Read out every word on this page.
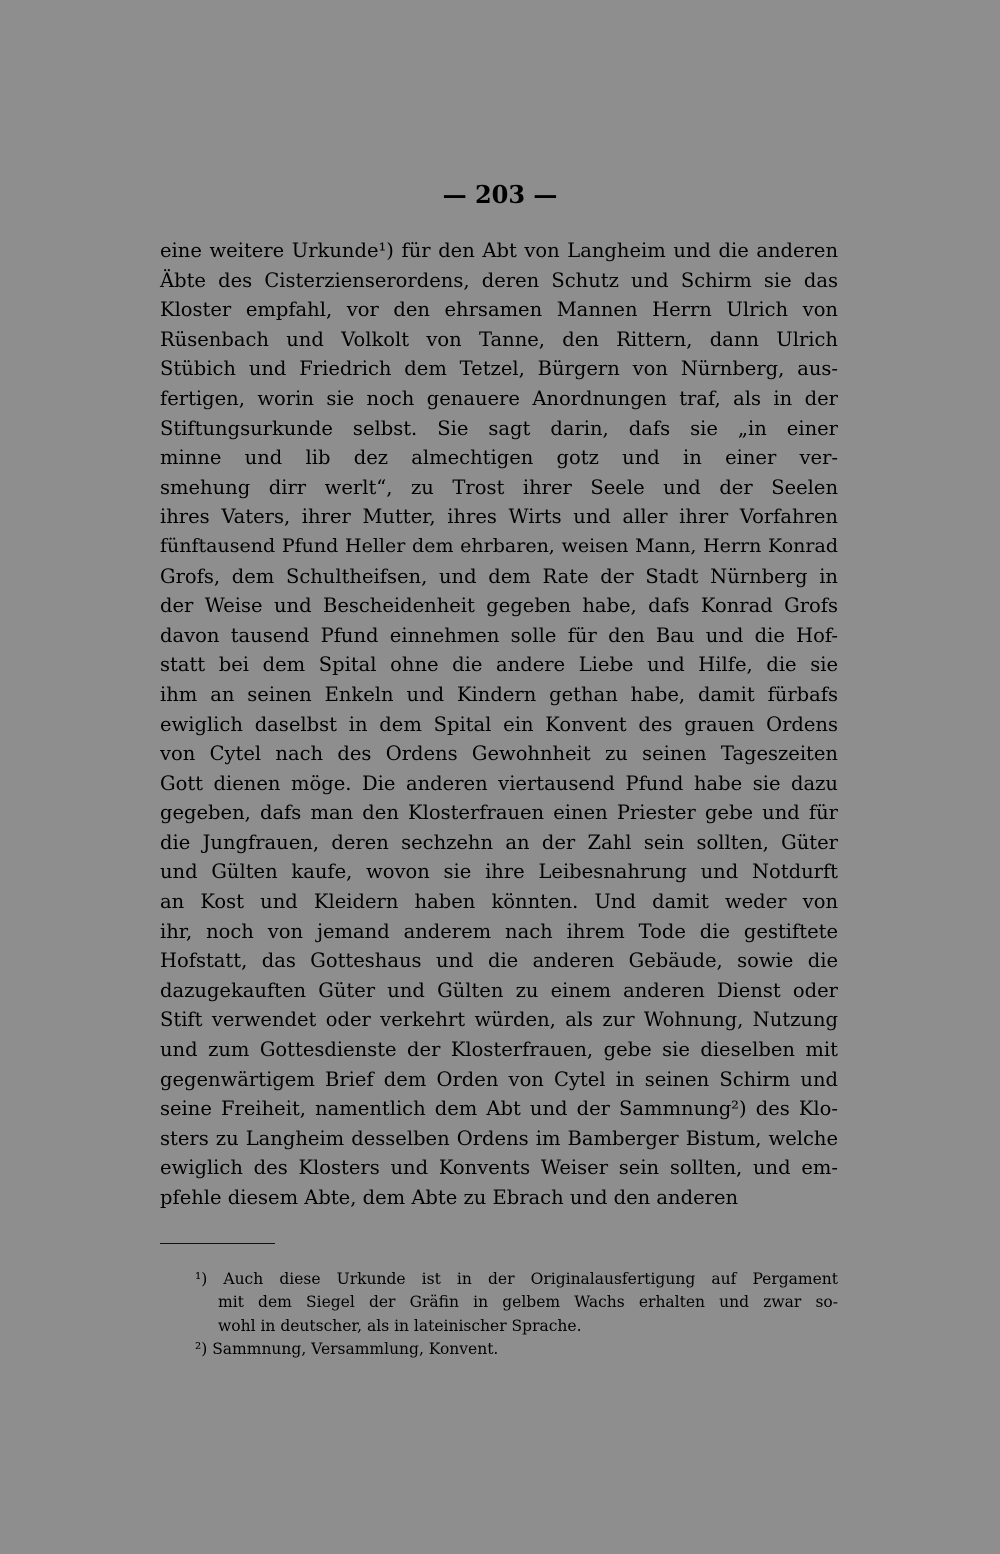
— 203 —
eine weitere Urkunde¹) für den Abt von Langheim und die anderen
Äbte des Cisterzienserordens, deren Schutz und Schirm sie das
Kloster empfahl, vor den ehrsamen Mannen Herrn Ulrich von
Rüsenbach und Volkolt von Tanne, den Rittern, dann Ulrich
Stübich und Friedrich dem Tetzel, Bürgern von Nürnberg, aus-
fertigen, worin sie noch genauere Anordnungen traf, als in der
Stiftungsurkunde selbst. Sie sagt darin, dafs sie „in einer
minne und lib dez almechtigen gotz und in einer ver-
smehung dirr werlt“, zu Trost ihrer Seele und der Seelen
ihres Vaters, ihrer Mutter, ihres Wirts und aller ihrer Vorfahren
fünftausend Pfund Heller dem ehrbaren, weisen Mann, Herrn Konrad
Grofs, dem Schultheifsen, und dem Rate der Stadt Nürnberg in
der Weise und Bescheidenheit gegeben habe, dafs Konrad Grofs
davon tausend Pfund einnehmen solle für den Bau und die Hof-
statt bei dem Spital ohne die andere Liebe und Hilfe, die sie
ihm an seinen Enkeln und Kindern gethan habe, damit fürbafs
ewiglich daselbst in dem Spital ein Konvent des grauen Ordens
von Cytel nach des Ordens Gewohnheit zu seinen Tageszeiten
Gott dienen möge. Die anderen viertausend Pfund habe sie dazu
gegeben, dafs man den Klosterfrauen einen Priester gebe und für
die Jungfrauen, deren sechzehn an der Zahl sein sollten, Güter
und Gülten kaufe, wovon sie ihre Leibesnahrung und Notdurft
an Kost und Kleidern haben könnten. Und damit weder von
ihr, noch von jemand anderem nach ihrem Tode die gestiftete
Hofstatt, das Gotteshaus und die anderen Gebäude, sowie die
dazugekauften Güter und Gülten zu einem anderen Dienst oder
Stift verwendet oder verkehrt würden, als zur Wohnung, Nutzung
und zum Gottesdienste der Klosterfrauen, gebe sie dieselben mit
gegenwärtigem Brief dem Orden von Cytel in seinen Schirm und
seine Freiheit, namentlich dem Abt und der Sammnung²) des Klo-
sters zu Langheim desselben Ordens im Bamberger Bistum, welche
ewiglich des Klosters und Konvents Weiser sein sollten, und em-
pfehle diesem Abte, dem Abte zu Ebrach und den anderen
¹) Auch diese Urkunde ist in der Originalausfertigung auf Pergament
mit dem Siegel der Gräfin in gelbem Wachs erhalten und zwar so-
wohl in deutscher, als in lateinischer Sprache.
²) Sammnung, Versammlung, Konvent.
